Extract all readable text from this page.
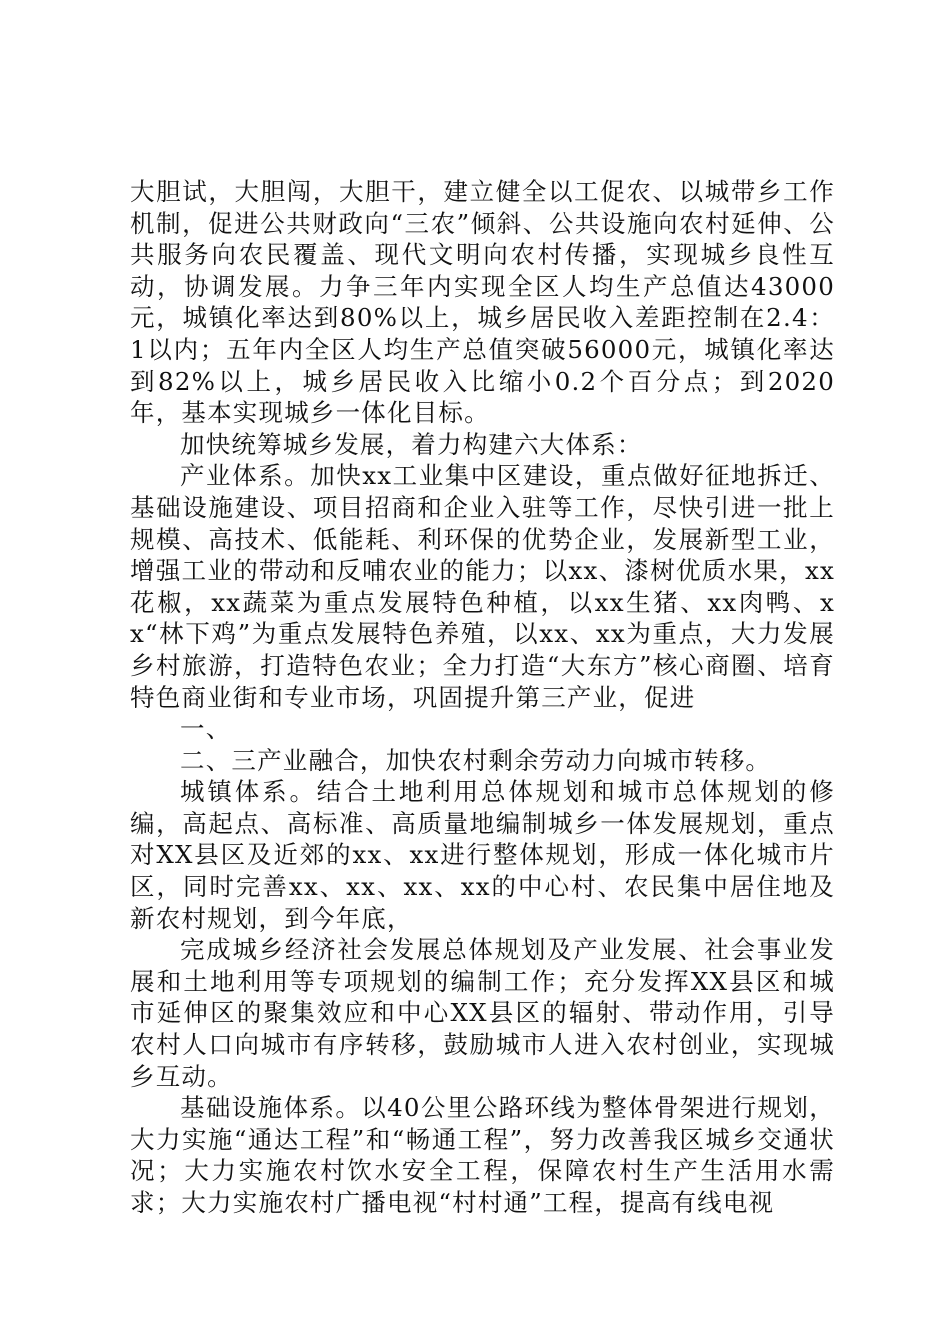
大胆试，大胆闯，大胆干，建立健全以工促农、以城带乡工作机制，促进公共财政向“三农”倾斜、公共设施向农村延伸、公共服务向农民覆盖、现代文明向农村传播，实现城乡良性互动，协调发展。力争三年内实现全区人均生产总值达43000元，城镇化率达到80%以上，城乡居民收入差距控制在2.4：1以内；五年内全区人均生产总值突破56000元，城镇化率达到82%以上，城乡居民收入比缩小0.2个百分点；到2020年，基本实现城乡一体化目标。

加快统筹城乡发展，着力构建六大体系：

产业体系。加快xx工业集中区建设，重点做好征地拆迁、基础设施建设、项目招商和企业入驻等工作，尽快引进一批上规模、高技术、低能耗、利环保的优势企业，发展新型工业，增强工业的带动和反哺农业的能力；以xx、漆树优质水果，xx花椒，xx蔬菜为重点发展特色种植，以xx生猪、xx肉鸭、xx“林下鸡”为重点发展特色养殖，以xx、xx为重点，大力发展乡村旅游，打造特色农业；全力打造“大东方”核心商圈、培育特色商业街和专业市场，巩固提升第三产业，促进

一、

二、三产业融合，加快农村剩余劳动力向城市转移。

城镇体系。结合土地利用总体规划和城市总体规划的修编，高起点、高标准、高质量地编制城乡一体发展规划，重点对XX县区及近郊的xx、xx进行整体规划，形成一体化城市片区，同时完善xx、xx、xx、xx的中心村、农民集中居住地及新农村规划，到今年底，

完成城乡经济社会发展总体规划及产业发展、社会事业发展和土地利用等专项规划的编制工作；充分发挥XX县区和城市延伸区的聚集效应和中心XX县区的辐射、带动作用，引导农村人口向城市有序转移，鼓励城市人进入农村创业，实现城乡互动。

基础设施体系。以40公里公路环线为整体骨架进行规划，大力实施“通达工程”和“畅通工程”，努力改善我区城乡交通状况；大力实施农村饮水安全工程，保障农村生产生活用水需求；大力实施农村广播电视“村村通”工程，提高有线电视
